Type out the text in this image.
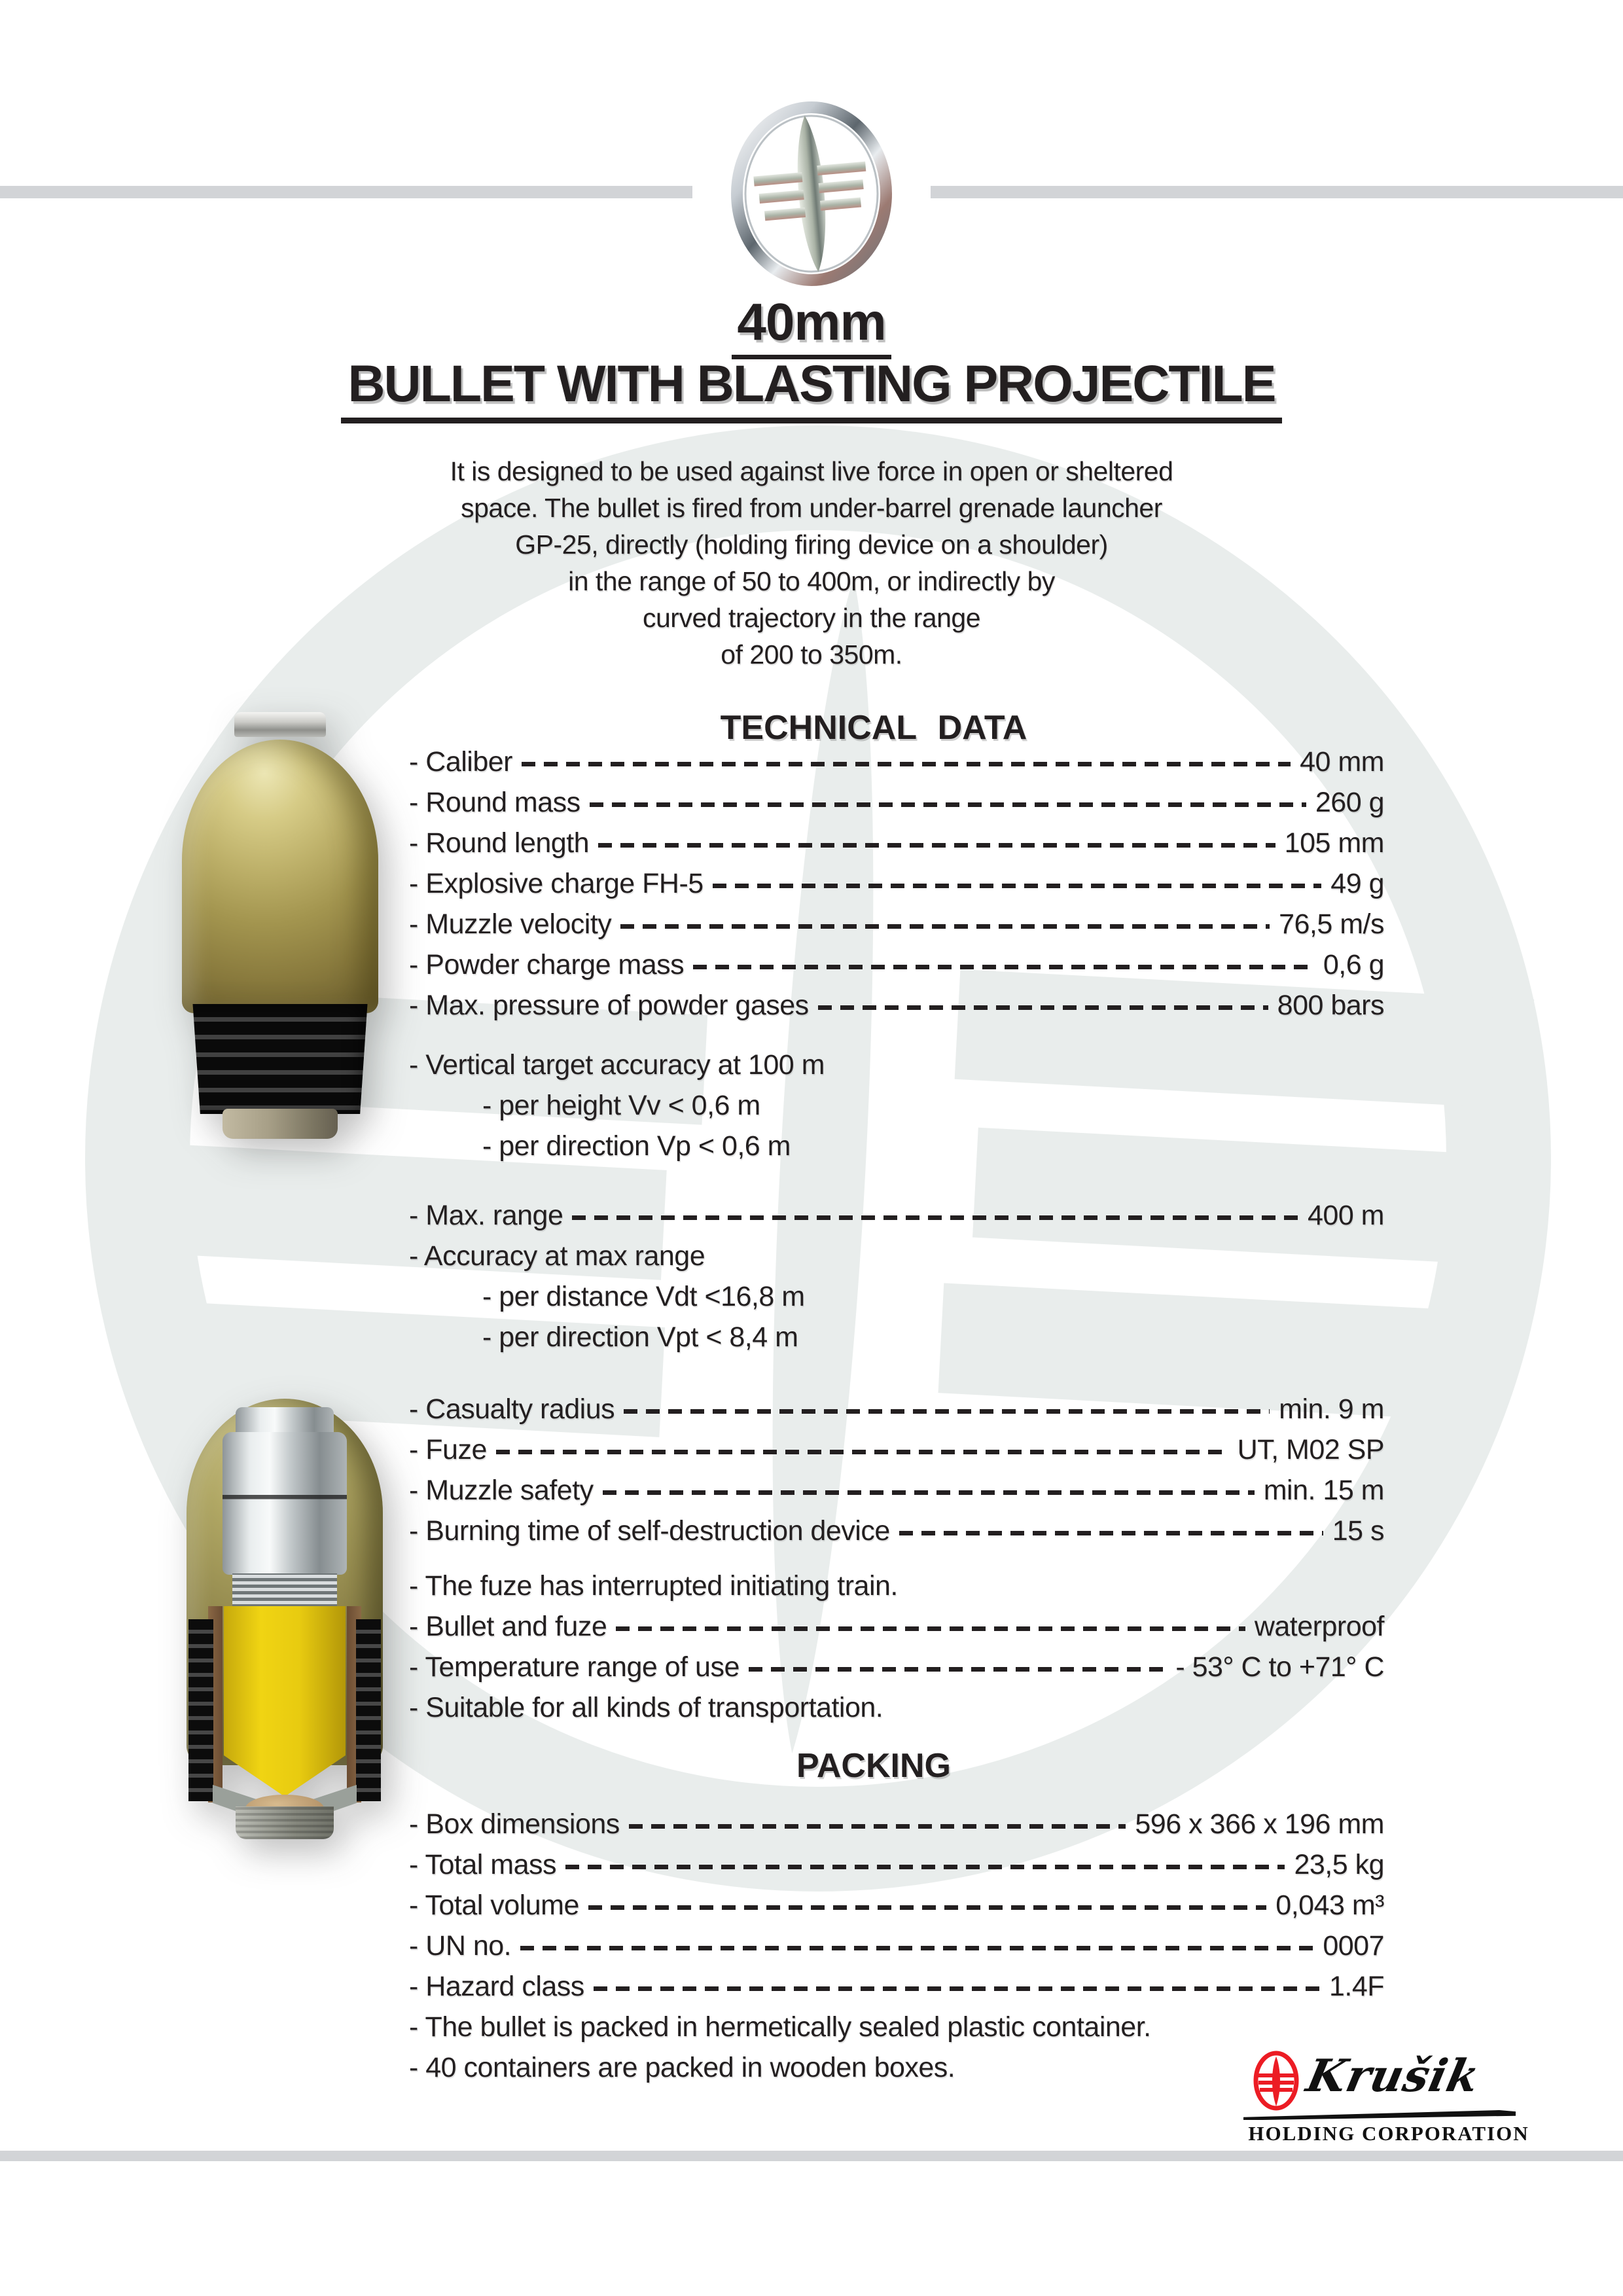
40mm
BULLET WITH BLASTING PROJECTILE
It is designed to be used against live force in open or sheltered
space. The bullet is fired from under-barrel grenade launcher
GP-25, directly (holding firing device on a shoulder)
in the range of 50 to 400m, or indirectly by
curved trajectory in the range
of 200 to 350m.
TECHNICAL DATA
- Caliber	40 mm
- Round mass	260 g
- Round length	105 mm
- Explosive charge FH-5	49 g
- Muzzle velocity	76,5 m/s
- Powder charge mass	0,6 g
- Max. pressure of powder gases	800 bars
- Vertical target accuracy at 100 m
- per height Vv < 0,6 m
- per direction Vp < 0,6 m
- Max. range	400 m
- Accuracy at max range
- per distance Vdt <16,8 m
- per direction Vpt < 8,4 m
- Casualty radius	min. 9 m
- Fuze	UT, M02 SP
- Muzzle safety	min. 15 m
- Burning time of self-destruction device	15 s
- The fuze has interrupted initiating train.
- Bullet and fuze	waterproof
- Temperature range of use	- 53° C to +71° C
- Suitable for all kinds of transportation.
PACKING
- Box dimensions	596 x 366 x 196 mm
- Total mass	23,5 kg
- Total volume	0,043 m³
- UN no.	0007
- Hazard class	1.4F
- The bullet is packed in hermetically sealed plastic container.
- 40 containers are packed in wooden boxes.	Krušik
HOLDING CORPORATION
